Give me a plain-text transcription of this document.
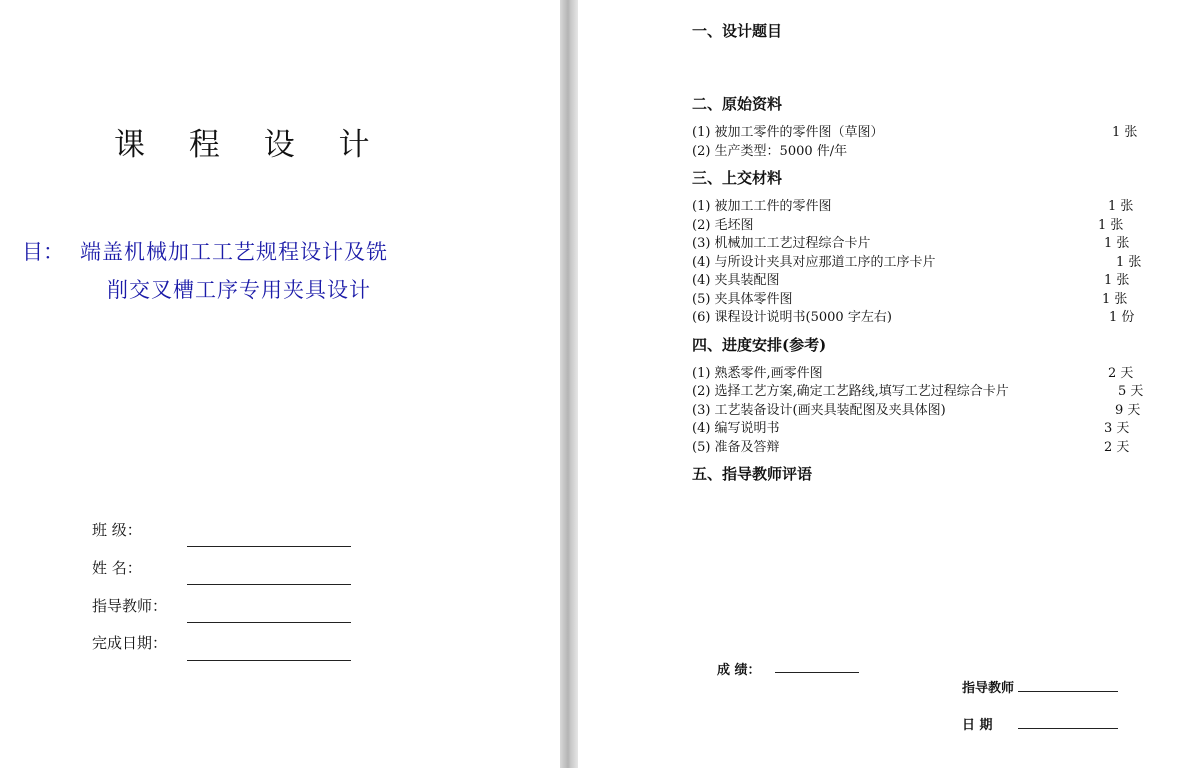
课 程 设 计
目： 端盖机械加工工艺规程设计及铣
削交叉槽工序专用夹具设计
班 级：
姓 名：
指导教师：
完成日期：
一、设计题目
二、原始资料
(1) 被加工零件的零件图（草图）	1 张
(2) 生产类型：5000 件/年
三、上交材料
(1) 被加工工件的零件图	1 张
(2) 毛坯图	1 张
(3) 机械加工工艺过程综合卡片	1 张
(4) 与所设计夹具对应那道工序的工序卡片	1 张
(4) 夹具装配图	1 张
(5) 夹具体零件图	1 张
(6) 课程设计说明书(5000 字左右)	1 份
四、进度安排(参考)
(1) 熟悉零件,画零件图	2 天
(2) 选择工艺方案,确定工艺路线,填写工艺过程综合卡片	5 天
(3) 工艺装备设计(画夹具装配图及夹具体图)	9 天
(4) 编写说明书	3 天
(5) 准备及答辩	2 天
五、指导教师评语
成 绩：
指导教师
日 期
